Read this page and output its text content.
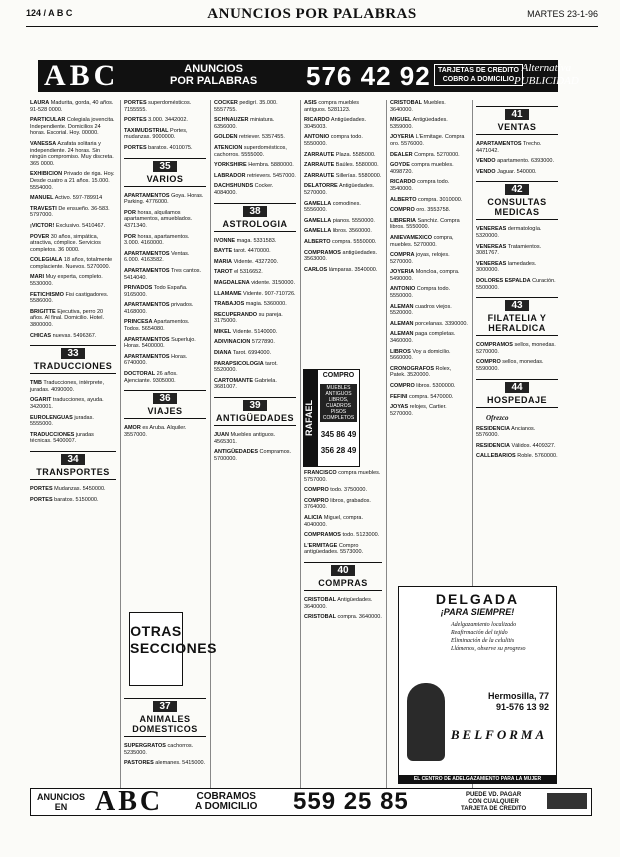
124 / A B C	ANUNCIOS POR PALABRAS	MARTES 23-1-96
ABC	ANUNCIOS
POR PALABRAS 576 42 92 TARJETAS DE CREDITO
COBRO A DOMICILIO
Alternativa
PUBLICIDAD
LAURA Madurita, gorda, 40 años. 91-528 0000.
PARTICULAR Colegiala jovencita. Independiente. Domicilios 24 horas. Escorial. Hoy. 00000.
VANESSA Azafata solitaria y independiente. 24 horas. Sin ningún compromiso. Muy discreta. 365 0000.
EXHIBICION Privado de riga. Hoy. Desde cuatro a 21 años. 15.000. 5554000.
MANUEL Activo. 597-789914
TRAVESTI De ensueño. 36-583. 5797000.
¡VICTOR! Exclusivo. 5410467.
POVER 30 años, simpática, atractiva, cómplice. Servicios completos. 36 0000.
COLEGIALA 18 años, totalmente complaciente. Nuevos. 5270000.
MARI Muy experta, completo. 5530000.
FETICHISMO Fisi castigadores. 5586000.
BRIGITTE Ejecutiva, perro 20 años. Al final. Domicilio. Hotel. 3800000.
CHICAS nuevas. 5496367.
33
TRADUCCIONES
TMB Traducciones, intérprete, juradas. 4090000.
OGARIT traducciones, ayuda. 3420001.
EUROLENGUAS juradas. 5555000.
TRADUCCIONES juradas técnicas. 5400007.
34
TRANSPORTES
PORTES Mudanzas. 5450000.
PORTES baratos. 5150000.
PORTES superdomésticos. 7155555.
PORTES 3.000. 3442002.
TAXIMUDSTRIAL Portes, mudanzas. 9000000.
PORTES baratos. 4010075.
35
VARIOS
APARTAMENTOS Goya. Horas. Parking. 4776000.
POR horas, alquilamos apartamentos, amueblados. 4371340.
POR horas, apartamentos. 3.000. 4160000.
APARTAMENTOS Ventas. 6.000. 4163582.
APARTAMENTOS Tres cantos. 5414040.
PRIVADOS Todo España. 9165000.
APARTAMENTOS privados. 4168000.
PRINCESA Apartamentos. Todos. 5654080.
APARTAMENTOS Superlujo. Horas. 5400000.
APARTAMENTOS Horas. 6740000.
DOCTORAL 26 años. Ajenciante. 9305000.
36
VIAJES
AMOR es Aruba. Alquiler. 3557000.
OTRAS
SECCIONES
37
ANIMALES DOMESTICOS
SUPERGRATOS cachorros. 5235000.
PASTORES alemanes. 5415000.
COCKER pedigrí. 35.000. 5557755.
SCHNAUZER miniatura. 6356000.
GOLDEN retriever. 5357455.
ATENCION superdomésticos, cachorros. 5555000.
YORKSHIRE Hembra. 5880000.
LABRADOR retrievers. 5457000.
DACHSHUNDS Cocker. 4084000.
38
ASTROLOGIA
IVONNE maga. 5331583.
BAYTE tarot. 4470000.
MARIA Vidente. 4327200.
TAROT el 5316652.
MAGDALENA vidente. 3150000.
LLAMAME Vidente. 907-710726.
TRABAJOS magia. 5360000.
RECUPERANDO su pareja. 3175000.
MIKEL Vidente. 5140000.
ADIVINACION 5727890.
DIANA Tarot. 6994000.
PARAPSICOLOGIA tarot. 5520000.
CARTOMANTE Gabriela. 3681007.
39
ANTIGÜEDADES
JUAN Muebles antiguos. 4565301.
ANTIGÜEDADES Compramos. 5700000.
ASIS compra muebles antiguos. 5281123.
RICARDO Antigüedades. 3045003.
ANTONIO compra todo. 5550000.
ZARRAUTE Plaza. 5585000.
ZARRAUTE Baúles. 5580000.
ZARRAUTE Sillerías. 5580000.
DELATORRE Antigüedades. 5270000.
GAMELLA comodines. 5556000.
GAMELLA pianos. 5550000.
GAMELLA libros. 3560000.
ALBERTO compra. 5550000.
COMPRAMOS antigüedades. 3563000.
CARLOS lámparas. 3540000.
RAFAEL
COMPRO
MUEBLES ANTIGUOS
LIBROS, CUADROS
PISOS COMPLETOS
345 86 49
356 28 49
FRANCISCO compra muebles. 5757000.
COMPRO todo. 3750000.
COMPRO libros, grabados. 3764000.
ALICIA Miguel, compra. 4040000.
COMPRAMOS todo. 5123000.
L'ERMITAGE Compro antigüedades. 5573000.
40
COMPRAS
CRISTOBAL Antigüedades. 3640000.
CRISTOBAL compra. 3640000.
CRISTOBAL Muebles. 3640000.
MIGUEL Antigüedades. 5359000.
JOYERIA L'Ermitage. Compra oro. 5576000.
DEALER Compra. 5270000.
GOYDE compra muebles. 4098720.
RICARDO compra todo. 3540000.
ALBERTO compra. 3010000.
COMPRO oro. 3553758.
LIBRERIA Sanchiz. Compra libros. 5550000.
ANIEVAMEXICO compra, muebles. 5270000.
COMPRA joyas, relojes. 5270000.
JOYERIA Moncloa, compra. 5490000.
ANTONIO Compra todo. 5550000.
ALEMAN cuadros viejos. 5520000.
ALEMAN porcelanas. 3390000.
ALEMAN paga completas. 3460000.
LIBROS Voy a domicilio. 5660000.
CRONOGRAFOS Rolex, Patek. 3520000.
COMPRO libros. 5300000.
FEFINI compra. 5470000.
JOYAS relojes, Cartier. 5270000.
41
VENTAS
APARTAMENTOS Trecho. 4471042.
VENDO apartamento. 6393000.
VENDO Jaguar. 540000.
42
CONSULTAS MEDICAS
VENEREAS dermatología. 5320000.
VENEREAS Tratamientos. 3081767.
VENEREAS lamedades. 3000000.
DOLORES ESPALDA Curación. 5500000.
43
FILATELIA Y HERALDICA
COMPRAMOS sellos, monedas. 5270000.
COMPRO sellos, monedas. 5590000.
44
HOSPEDAJE
Ofrezco
RESIDENCIA Ancianos. 5576000.
RESIDENCIA Válidos. 4409327.
CALLEBARIOS Roble. 5760000.
DELGADA
¡PARA SIEMPRE!
Adelgazamiento localizado
Reafirmación del tejido
Eliminación de la celulitis
Llámenos, observe su progreso
Hermosilla, 77
91-576 13 92
BELFORMA
EL CENTRO DE ADELGAZAMIENTO PARA LA MUJER
ANUNCIOS
EN ABC	COBRAMOS
A DOMICILIO 559 25 85	PUEDE VD. PAGAR
CON CUALQUIER
TARJETA DE CREDITO
